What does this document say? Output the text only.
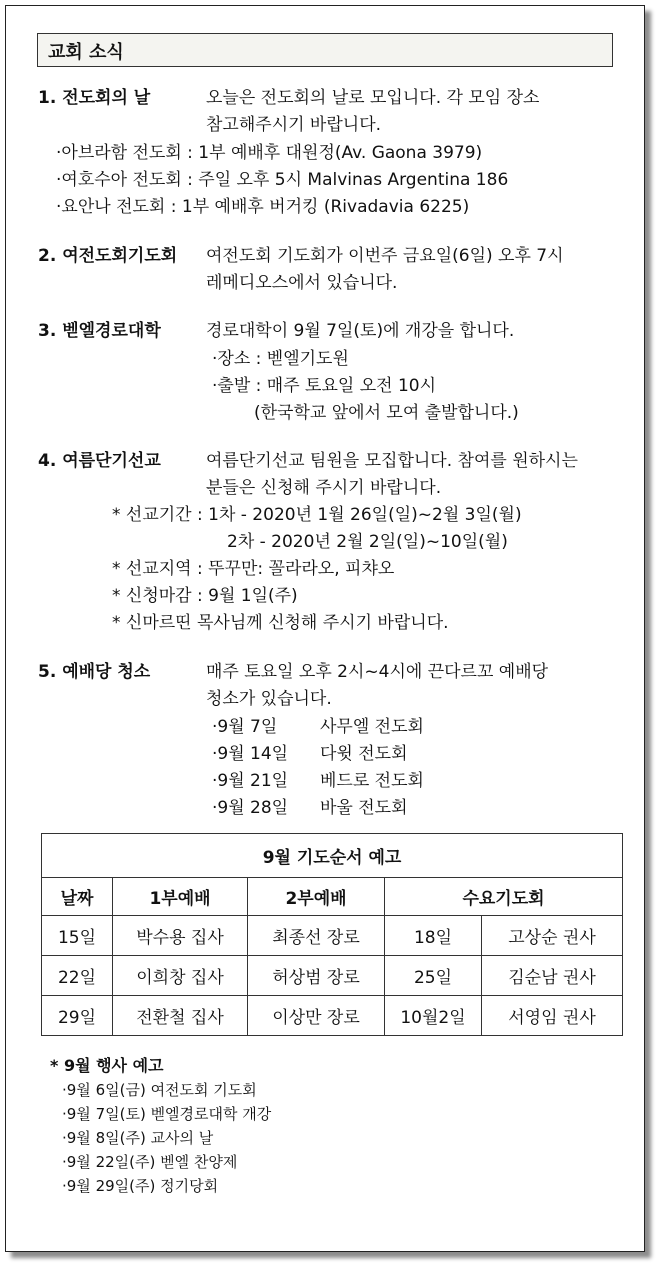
교회 소식
1. 전도회의 날	오늘은 전도회의 날로 모입니다. 각 모임 장소
참고해주시기 바랍니다.
·아브라함 전도회 : 1부 예배후 대원정(Av. Gaona 3979)
·여호수아 전도회 : 주일 오후 5시 Malvinas Argentina 186
·요안나 전도회 : 1부 예배후 버거킹 (Rivadavia 6225)
2. 여전도회기도회 여전도회 기도회가 이번주 금요일(6일) 오후 7시
레메디오스에서 있습니다.
3. 벧엘경로대학	경로대학이 9월 7일(토)에 개강을 합니다.
·장소 : 벧엘기도원
·출발 : 매주 토요일 오전 10시
(한국학교 앞에서 모여 출발합니다.)
4. 여름단기선교	여름단기선교 팀원을 모집합니다. 참여를 원하시는
분들은 신청해 주시기 바랍니다.
* 선교기간 : 1차 - 2020년 1월 26일(일)~2월 3일(월)
2차 - 2020년 2월 2일(일)~10일(월)
* 선교지역 : 뚜꾸만: 꼴라라오, 피챠오
* 신청마감 : 9월 1일(주)
* 신마르띤 목사님께 신청해 주시기 바랍니다.
5. 예배당 청소	매주 토요일 오후 2시~4시에 끈다르꼬 예배당
청소가 있습니다.
·9월 7일	사무엘 전도회
·9월 14일 다윗 전도회
·9월 21일 베드로 전도회
·9월 28일 바울 전도회
9월 기도순서 예고				
날짜	1부예배	2부예배	수요기도회	
15일	박수용 집사	최종선 장로	18일	고상순 권사
22일	이희창 집사	허상범 장로	25일	김순남 권사
29일	전환철 집사	이상만 장로	10월2일	서영임 권사
* 9월 행사 예고
·9월 6일(금) 여전도회 기도회
·9월 7일(토) 벧엘경로대학 개강
·9월 8일(주) 교사의 날
·9월 22일(주) 벧엘 찬양제
·9월 29일(주) 정기당회
